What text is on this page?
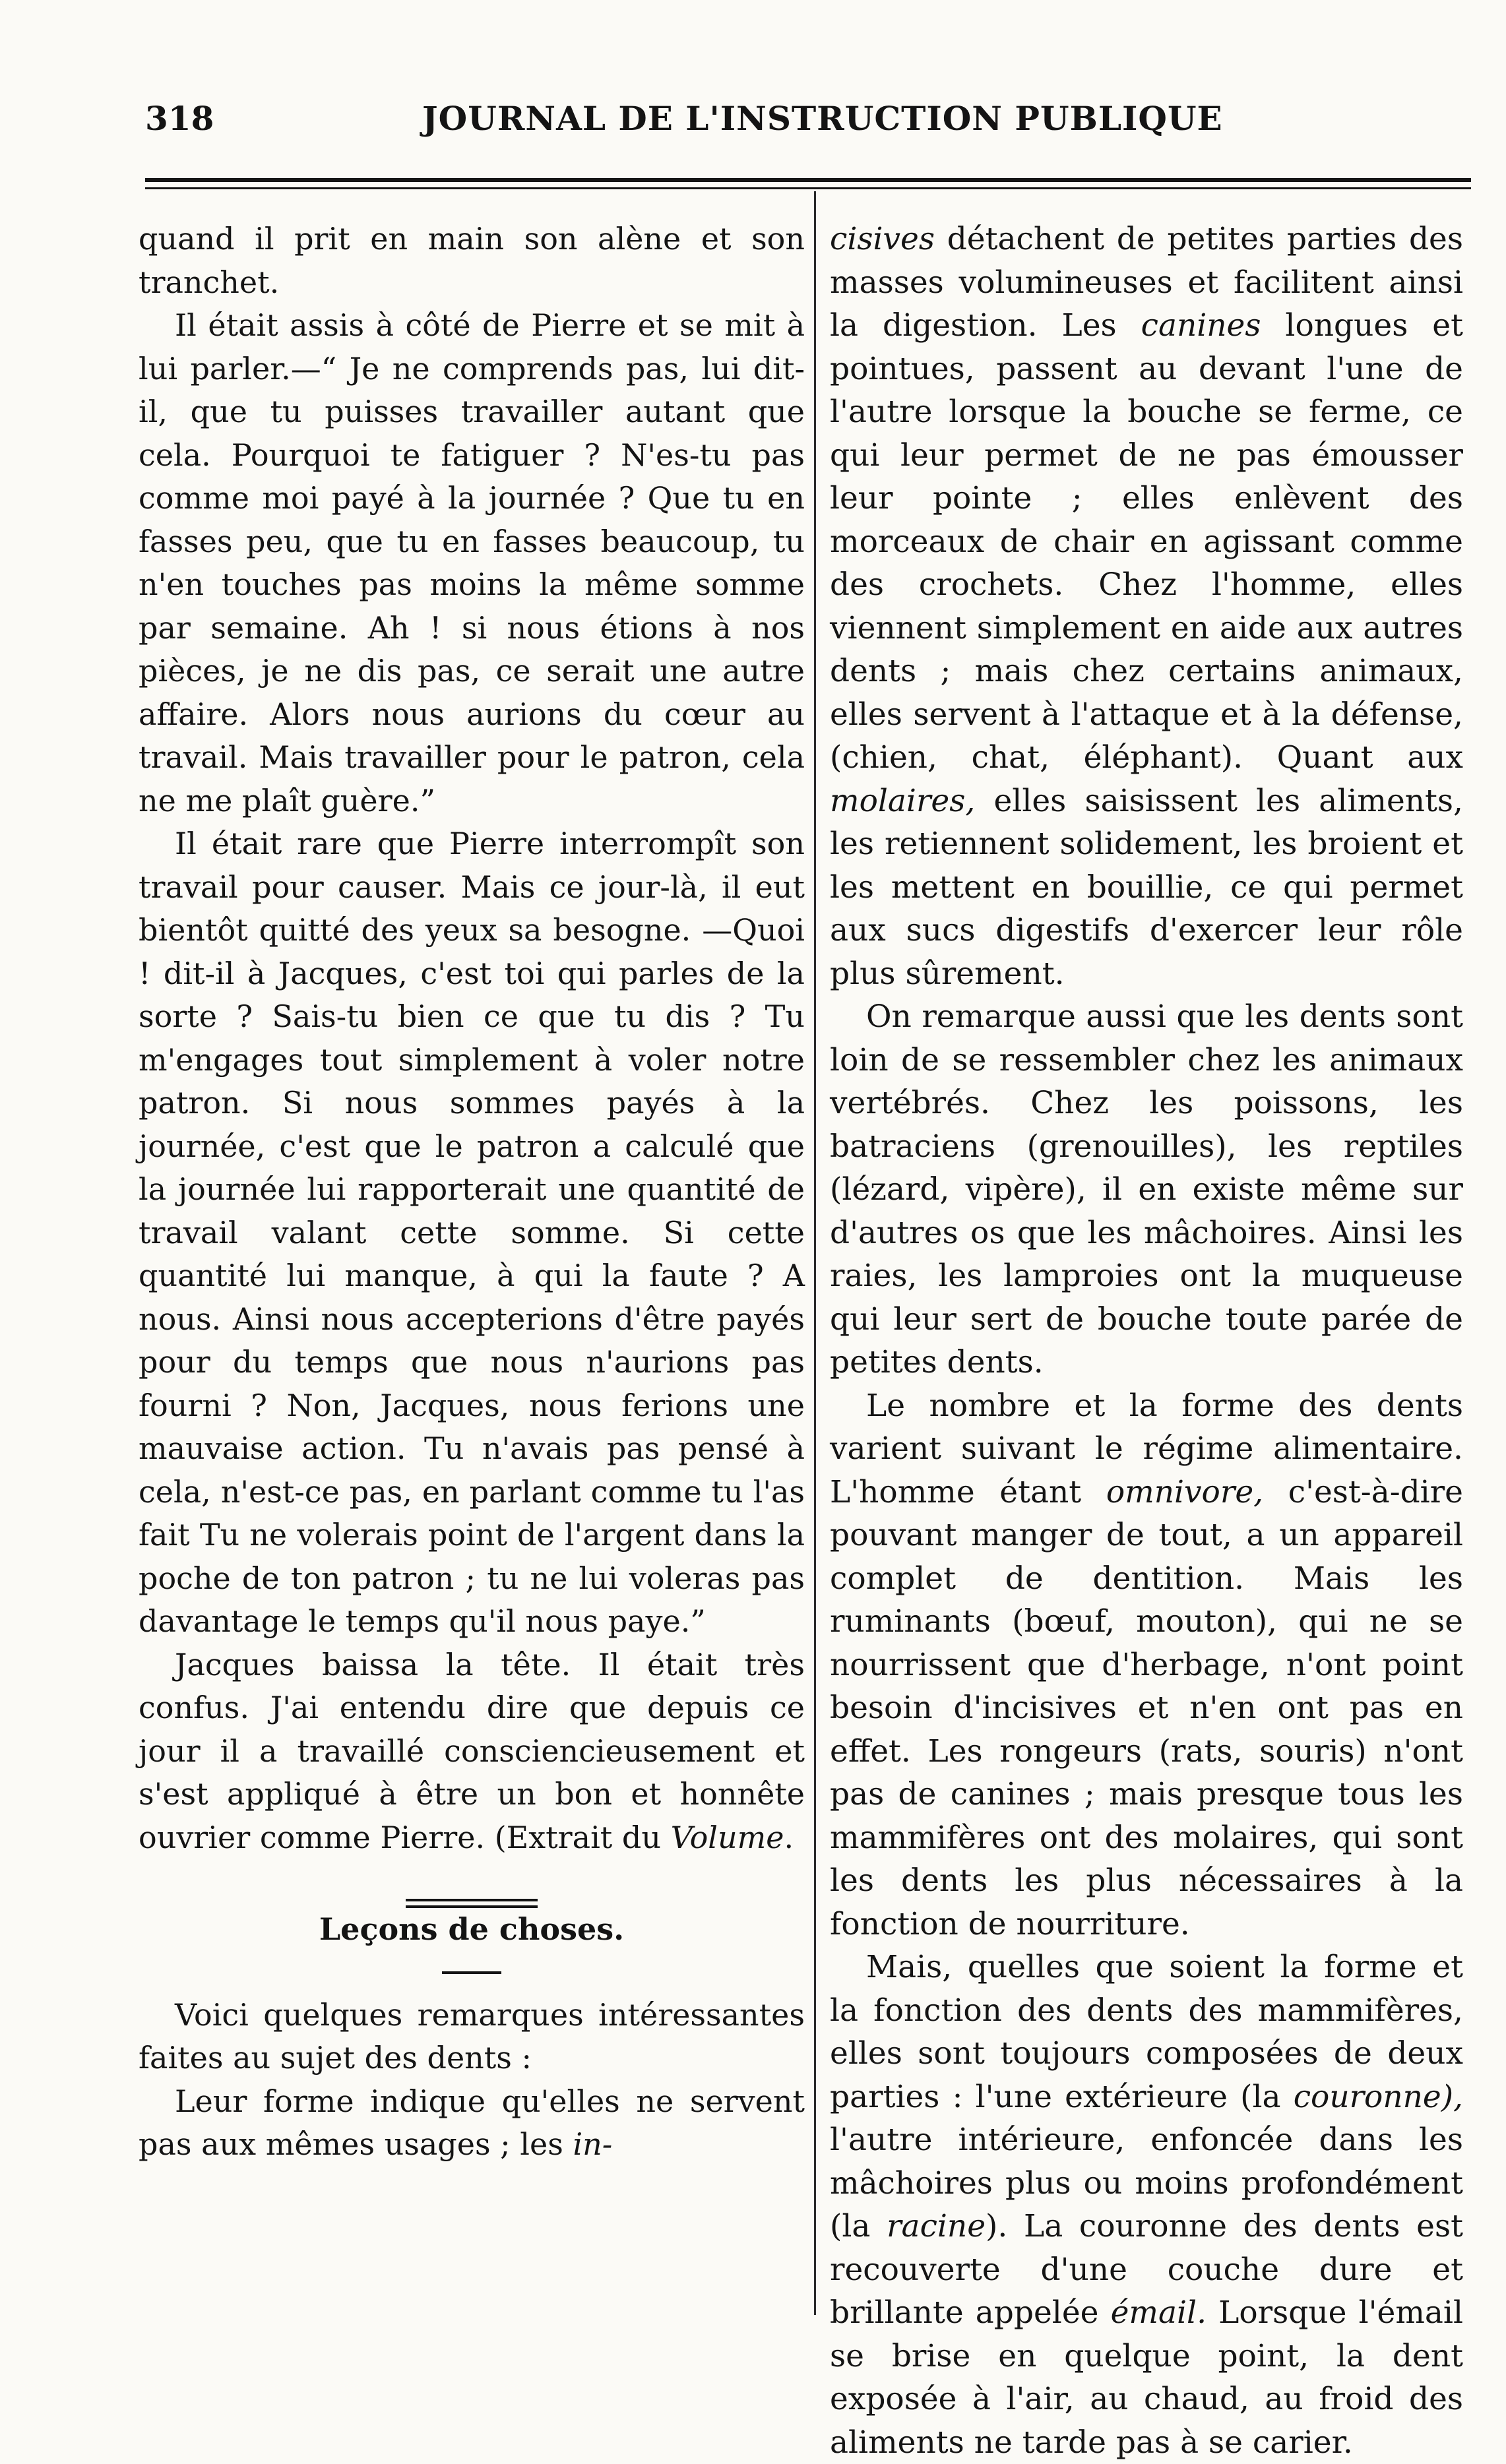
318	JOURNAL DE L'INSTRUCTION PUBLIQUE

quand il prit en main son alène et son tranchet.

Il était assis à côté de Pierre et se mit à lui parler.—“ Je ne comprends pas, lui dit-il, que tu puisses travailler autant que cela. Pourquoi te fatiguer ? N'es-tu pas comme moi payé à la journée ? Que tu en fasses peu, que tu en fasses beaucoup, tu n'en touches pas moins la même somme par semaine. Ah ! si nous étions à nos pièces, je ne dis pas, ce serait une autre affaire. Alors nous aurions du cœur au travail. Mais travailler pour le patron, cela ne me plaît guère.”

Il était rare que Pierre interrompît son travail pour causer. Mais ce jour-là, il eut bientôt quitté des yeux sa besogne. —Quoi ! dit-il à Jacques, c'est toi qui parles de la sorte ? Sais-tu bien ce que tu dis ? Tu m'engages tout simplement à voler notre patron. Si nous sommes payés à la journée, c'est que le patron a calculé que la journée lui rapporterait une quantité de travail valant cette somme. Si cette quantité lui manque, à qui la faute ? A nous. Ainsi nous accepterions d'être payés pour du temps que nous n'aurions pas fourni ? Non, Jacques, nous ferions une mauvaise action. Tu n'avais pas pensé à cela, n'est-ce pas, en parlant comme tu l'as fait Tu ne volerais point de l'argent dans la poche de ton patron ; tu ne lui voleras pas davantage le temps qu'il nous paye.”

Jacques baissa la tête. Il était très confus. J'ai entendu dire que depuis ce jour il a travaillé consciencieusement et s'est appliqué à être un bon et honnête ouvrier comme Pierre. (Extrait du Volume.

Leçons de choses.

Voici quelques remarques intéressantes faites au sujet des dents :

Leur forme indique qu'elles ne servent pas aux mêmes usages ; les in-

cisives détachent de petites parties des masses volumineuses et facilitent ainsi la digestion. Les canines longues et pointues, passent au devant l'une de l'autre lorsque la bouche se ferme, ce qui leur permet de ne pas émousser leur pointe ; elles enlèvent des morceaux de chair en agissant comme des crochets. Chez l'homme, elles viennent simplement en aide aux autres dents ; mais chez certains animaux, elles servent à l'attaque et à la défense, (chien, chat, éléphant). Quant aux molaires, elles saisissent les aliments, les retiennent solidement, les broient et les mettent en bouillie, ce qui permet aux sucs digestifs d'exercer leur rôle plus sûrement.

On remarque aussi que les dents sont loin de se ressembler chez les animaux vertébrés. Chez les poissons, les batraciens (grenouilles), les reptiles (lézard, vipère), il en existe même sur d'autres os que les mâchoires. Ainsi les raies, les lamproies ont la muqueuse qui leur sert de bouche toute parée de petites dents.

Le nombre et la forme des dents varient suivant le régime alimentaire. L'homme étant omnivore, c'est-à-dire pouvant manger de tout, a un appareil complet de dentition. Mais les ruminants (bœuf, mouton), qui ne se nourrissent que d'herbage, n'ont point besoin d'incisives et n'en ont pas en effet. Les rongeurs (rats, souris) n'ont pas de canines ; mais presque tous les mammifères ont des molaires, qui sont les dents les plus nécessaires à la fonction de nourriture.

Mais, quelles que soient la forme et la fonction des dents des mammifères, elles sont toujours composées de deux parties : l'une extérieure (la couronne), l'autre intérieure, enfoncée dans les mâchoires plus ou moins profondément (la racine). La couronne des dents est recouverte d'une couche dure et brillante appelée émail. Lorsque l'émail se brise en quelque point, la dent exposée à l'air, au chaud, au froid des aliments ne tarde pas à se carier.
